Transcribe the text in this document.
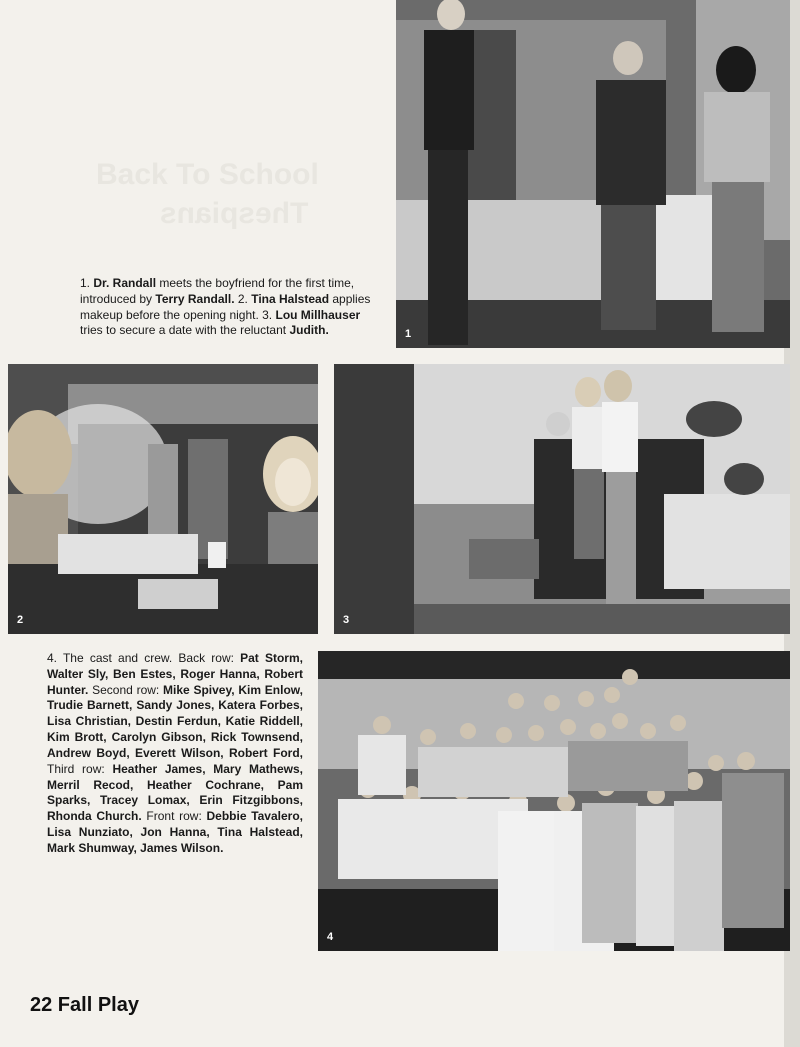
Back To School
Thespians
1
1. Dr. Randall meets the boyfriend for the first time, introduced by Terry Randall. 2. Tina Halstead applies makeup before the opening night. 3. Lou Millhauser tries to secure a date with the reluctant Judith.
2	3
4. The cast and crew. Back row: Pat Storm, Walter Sly, Ben Estes, Roger Hanna, Robert Hunter. Second row: Mike Spivey, Kim Enlow, Trudie Barnett, Sandy Jones, Katera Forbes, Lisa Christian, Destin Ferdun, Katie Riddell, Kim Brott, Carolyn Gibson, Rick Townsend, Andrew Boyd, Everett Wilson, Robert Ford, Third row: Heather James, Mary Mathews, Merril Recod, Heather Cochrane, Pam Sparks, Tracey Lomax, Erin Fitzgibbons, Rhonda Church. Front row: Debbie Tavalero, Lisa Nunziato, Jon Hanna, Tina Halstead, Mark Shumway, James Wilson.
4
22 Fall Play
